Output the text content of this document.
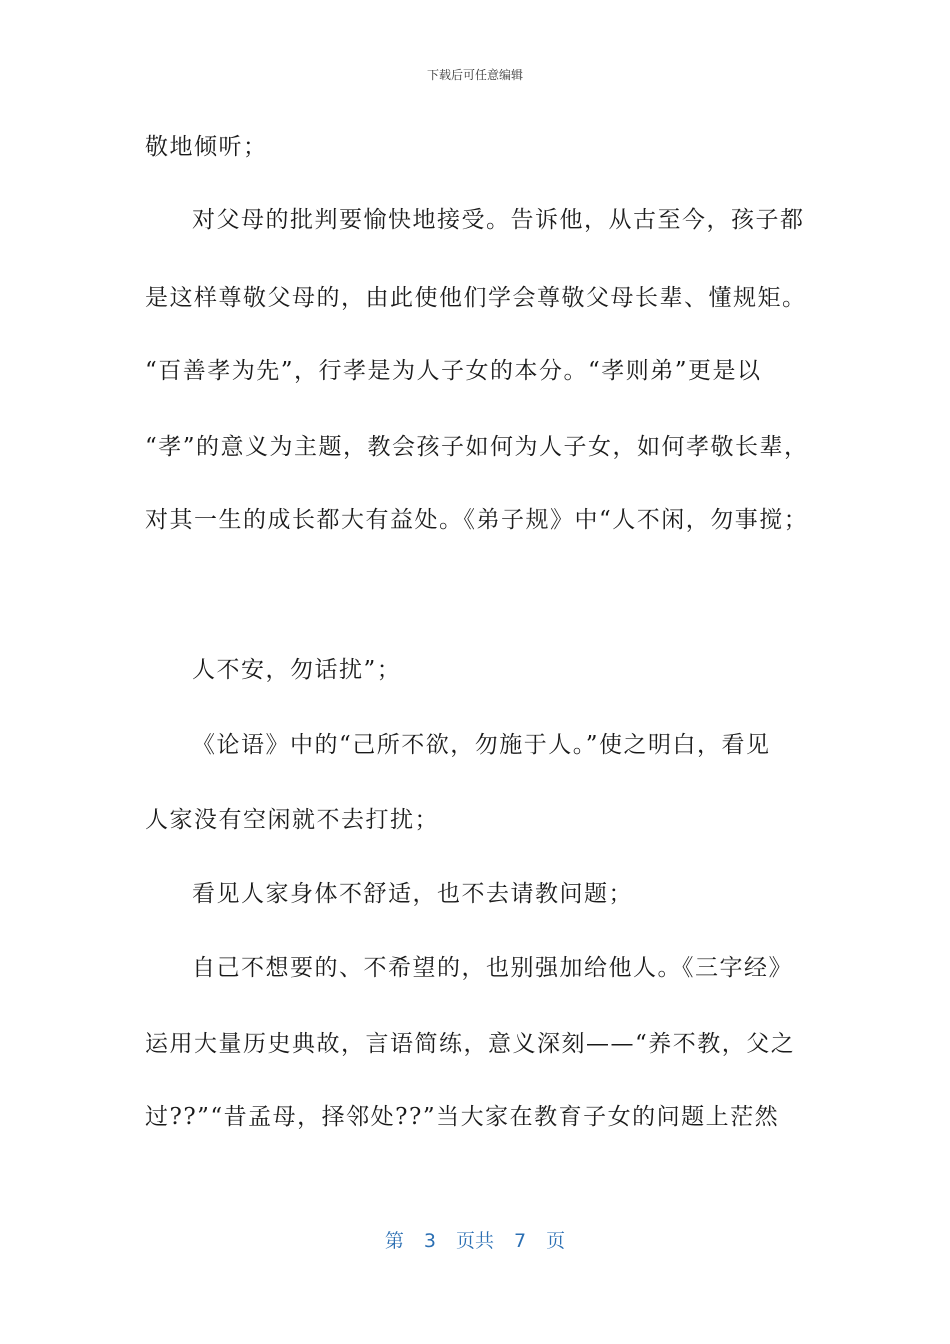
下载后可任意编辑
敬地倾听；
对父母的批判要愉快地接受。告诉他，从古至今，孩子都
是这样尊敬父母的，由此使他们学会尊敬父母长辈、懂规矩。
“百善孝为先”，行孝是为人子女的本分。“孝则弟”更是以
“孝”的意义为主题，教会孩子如何为人子女，如何孝敬长辈，
对其一生的成长都大有益处。《弟子规》中“人不闲，勿事搅；
人不安，勿话扰”；
《论语》中的“己所不欲，勿施于人。”使之明白，看见
人家没有空闲就不去打扰；
看见人家身体不舒适，也不去请教问题；
自己不想要的、不希望的，也别强加给他人。《三字经》
运用大量历史典故，言语简练，意义深刻——“养不教，父之
过??”“昔孟母，择邻处??”当大家在教育子女的问题上茫然
第 3 页共 7 页
